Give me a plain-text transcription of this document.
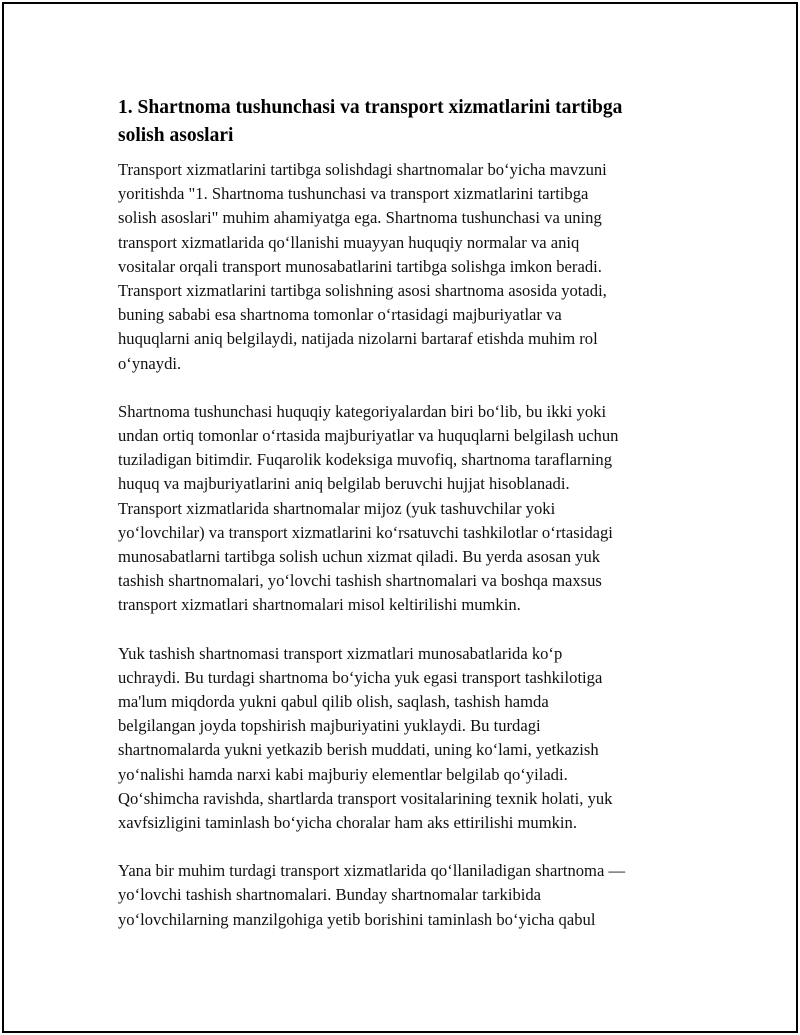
1. Shartnoma tushunchasi va transport xizmatlarini tartibga
solish asoslari

Transport xizmatlarini tartibga solishdagi shartnomalar bo‘yicha mavzuni
yoritishda "1. Shartnoma tushunchasi va transport xizmatlarini tartibga
solish asoslari" muhim ahamiyatga ega. Shartnoma tushunchasi va uning
transport xizmatlarida qo‘llanishi muayyan huquqiy normalar va aniq
vositalar orqali transport munosabatlarini tartibga solishga imkon beradi.
Transport xizmatlarini tartibga solishning asosi shartnoma asosida yotadi,
buning sababi esa shartnoma tomonlar o‘rtasidagi majburiyatlar va
huquqlarni aniq belgilaydi, natijada nizolarni bartaraf etishda muhim rol
o‘ynaydi.

Shartnoma tushunchasi huquqiy kategoriyalardan biri bo‘lib, bu ikki yoki
undan ortiq tomonlar o‘rtasida majburiyatlar va huquqlarni belgilash uchun
tuziladigan bitimdir. Fuqarolik kodeksiga muvofiq, shartnoma taraflarning
huquq va majburiyatlarini aniq belgilab beruvchi hujjat hisoblanadi.
Transport xizmatlarida shartnomalar mijoz (yuk tashuvchilar yoki
yo‘lovchilar) va transport xizmatlarini ko‘rsatuvchi tashkilotlar o‘rtasidagi
munosabatlarni tartibga solish uchun xizmat qiladi. Bu yerda asosan yuk
tashish shartnomalari, yo‘lovchi tashish shartnomalari va boshqa maxsus
transport xizmatlari shartnomalari misol keltirilishi mumkin.

Yuk tashish shartnomasi transport xizmatlari munosabatlarida ko‘p
uchraydi. Bu turdagi shartnoma bo‘yicha yuk egasi transport tashkilotiga
ma'lum miqdorda yukni qabul qilib olish, saqlash, tashish hamda
belgilangan joyda topshirish majburiyatini yuklaydi. Bu turdagi
shartnomalarda yukni yetkazib berish muddati, uning ko‘lami, yetkazish
yo‘nalishi hamda narxi kabi majburiy elementlar belgilab qo‘yiladi.
Qo‘shimcha ravishda, shartlarda transport vositalarining texnik holati, yuk
xavfsizligini taminlash bo‘yicha choralar ham aks ettirilishi mumkin.

Yana bir muhim turdagi transport xizmatlarida qo‘llaniladigan shartnoma —
yo‘lovchi tashish shartnomalari. Bunday shartnomalar tarkibida
yo‘lovchilarning manzilgohiga yetib borishini taminlash bo‘yicha qabul
